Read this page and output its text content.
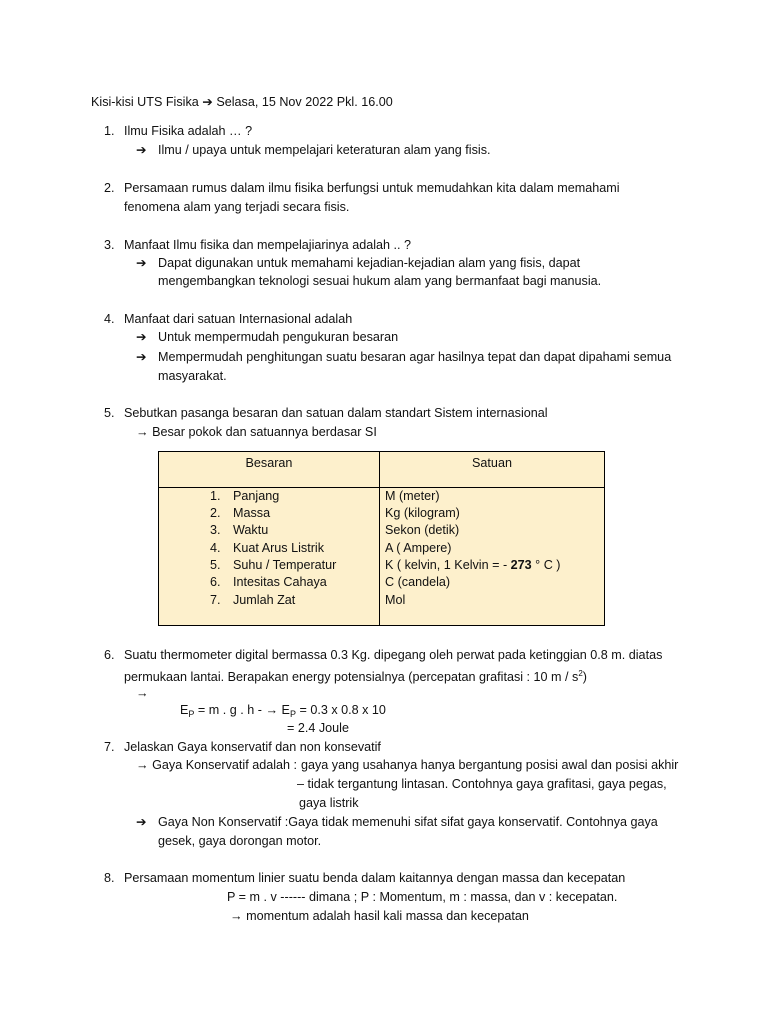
Kisi-kisi UTS Fisika ➔ Selasa, 15 Nov 2022 Pkl. 16.00
1. Ilmu Fisika adalah … ?
➔ Ilmu / upaya untuk mempelajari keteraturan alam yang fisis.
2. Persamaan rumus dalam ilmu fisika berfungsi untuk memudahkan kita dalam memahami
fenomena alam yang terjadi secara fisis.
3. Manfaat Ilmu fisika dan mempelajiarinya adalah .. ?
➔ Dapat digunakan untuk memahami kejadian-kejadian alam yang fisis, dapat
mengembangkan teknologi sesuai hukum alam yang bermanfaat bagi manusia.
4. Manfaat dari satuan Internasional adalah
➔ Untuk mempermudah pengukuran besaran
➔ Mempermudah penghitungan suatu besaran agar hasilnya tepat dan dapat dipahami semua
masyarakat.
5. Sebutkan pasanga besaran dan satuan dalam standart Sistem internasional
→ Besar pokok dan satuannya berdasar SI
Besaran	Satuan
1. Panjang	M (meter)
2. Massa	Kg (kilogram)
3. Waktu	Sekon (detik)
4. Kuat Arus Listrik	A ( Ampere)
5. Suhu / Temperatur	K ( kelvin, 1 Kelvin = - 273 ° C )
6. Intesitas Cahaya	C (candela)
7. Jumlah Zat	Mol
6. Suatu thermometer digital bermassa 0.3 Kg. dipegang oleh perwat pada ketinggian 0.8 m. diatas
permukaan lantai. Berapakan energy potensialnya (percepatan grafitasi : 10 m / $s^2$)
→
$E_P = m$ . g . h - → $E_P = 0.3$ x 0.8 x 10
= 2.4 Joule
7. Jelaskan Gaya konservatif dan non konsevatif
→ Gaya Konservatif adalah : gaya yang usahanya hanya bergantung posisi awal dan posisi akhir
– tidak tergantung lintasan. Contohnya gaya grafitasi, gaya pegas,
gaya listrik
➔ Gaya Non Konservatif :Gaya tidak memenuhi sifat sifat gaya konservatif. Contohnya gaya
gesek, gaya dorongan motor.
8. Persamaan momentum linier suatu benda dalam kaitannya dengan massa dan kecepatan
P = m . v ------ dimana ; P : Momentum, m : massa, dan v : kecepatan.
→ momentum adalah hasil kali massa dan kecepatan
